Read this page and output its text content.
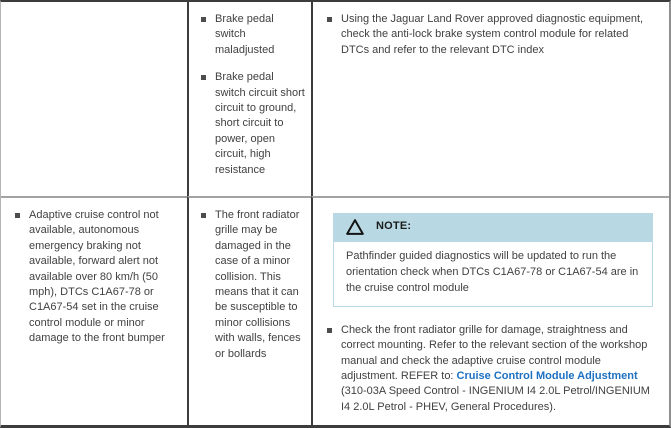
Brake pedal switch maladjusted
Brake pedal switch circuit short circuit to ground, short circuit to power, open circuit, high resistance
Using the Jaguar Land Rover approved diagnostic equipment, check the anti-lock brake system control module for related DTCs and refer to the relevant DTC index
Adaptive cruise control not available, autonomous emergency braking not available, forward alert not available over 80 km/h (50 mph), DTCs C1A67-78 or C1A67-54 set in the cruise control module or minor damage to the front bumper
The front radiator grille may be damaged in the case of a minor collision. This means that it can be susceptible to minor collisions with walls, fences or bollards
NOTE:
Pathfinder guided diagnostics will be updated to run the orientation check when DTCs C1A67-78 or C1A67-54 are in the cruise control module
Check the front radiator grille for damage, straightness and correct mounting. Refer to the relevant section of the workshop manual and check the adaptive cruise control module adjustment. REFER to: Cruise Control Module Adjustment (310-03A Speed Control - INGENIUM I4 2.0L Petrol/INGENIUM I4 2.0L Petrol - PHEV, General Procedures).
